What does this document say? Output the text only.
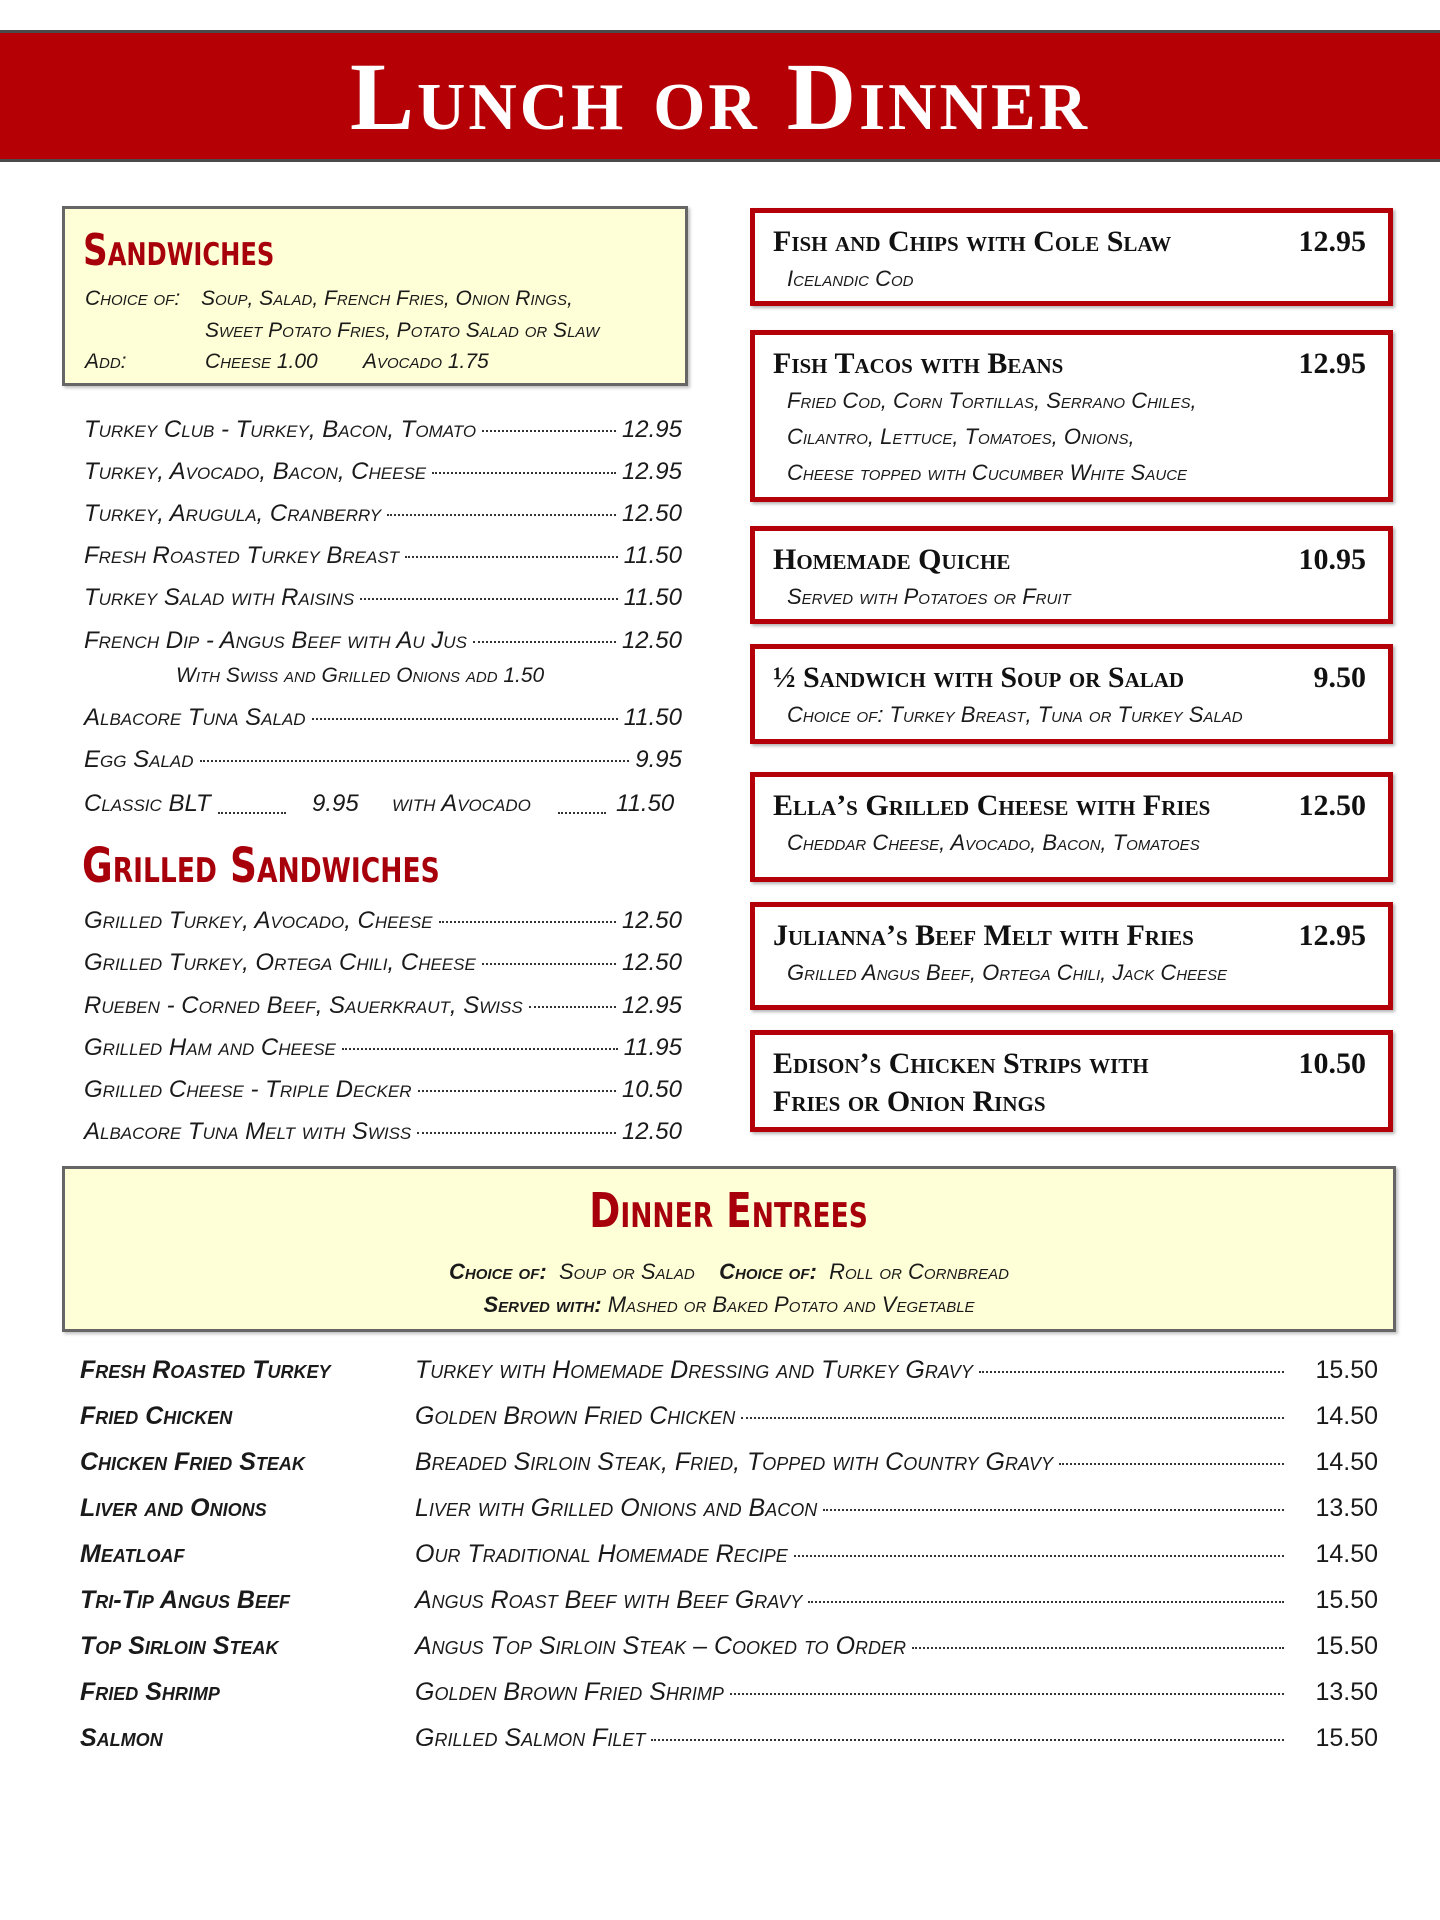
Lunch or Dinner
Sandwiches
Choice of: Soup, Salad, French Fries, Onion Rings,
Sweet Potato Fries, Potato Salad or Slaw
Add:	Cheese 1.00 Avocado 1.75
Turkey Club - Turkey, Bacon, Tomato	12.95
Turkey, Avocado, Bacon, Cheese	12.95
Turkey, Arugula, Cranberry	12.50
Fresh Roasted Turkey Breast	11.50
Turkey Salad with Raisins	11.50
French Dip - Angus Beef with Au Jus	12.50
With Swiss and Grilled Onions add 1.50
Albacore Tuna Salad	11.50
Egg Salad	9.95
Classic BLT	9.95 with Avocado	11.50
Grilled Sandwiches
Grilled Turkey, Avocado, Cheese	12.50
Grilled Turkey, Ortega Chili, Cheese	12.50
Rueben - Corned Beef, Sauerkraut, Swiss	12.95
Grilled Ham and Cheese	11.95
Grilled Cheese - Triple Decker	10.50
Albacore Tuna Melt with Swiss	12.50
Fish and Chips with Cole Slaw	12.95
Icelandic Cod
Fish Tacos with Beans	12.95
Fried Cod, Corn Tortillas, Serrano Chiles,
Cilantro, Lettuce, Tomatoes, Onions,
Cheese topped with Cucumber White Sauce
Homemade Quiche	10.95
Served with Potatoes or Fruit
½ Sandwich with Soup or Salad	9.50
Choice of: Turkey Breast, Tuna or Turkey Salad
Ella’s Grilled Cheese with Fries	12.50
Cheddar Cheese, Avocado, Bacon, Tomatoes
Julianna’s Beef Melt with Fries	12.95
Grilled Angus Beef, Ortega Chili, Jack Cheese
Edison’s Chicken Strips with	10.50
Fries or Onion Rings
Dinner Entrees
Choice of: Soup or Salad Choice of: Roll or Cornbread
Served with: Mashed or Baked Potato and Vegetable
Fresh Roasted Turkey	Turkey with Homemade Dressing and Turkey Gravy	15.50
Fried Chicken	Golden Brown Fried Chicken	14.50
Chicken Fried Steak	Breaded Sirloin Steak, Fried, Topped with Country Gravy	14.50
Liver and Onions	Liver with Grilled Onions and Bacon	13.50
Meatloaf	Our Traditional Homemade Recipe	14.50
Tri-Tip Angus Beef	Angus Roast Beef with Beef Gravy	15.50
Top Sirloin Steak	Angus Top Sirloin Steak – Cooked to Order	15.50
Fried Shrimp	Golden Brown Fried Shrimp	13.50
Salmon	Grilled Salmon Filet	15.50
